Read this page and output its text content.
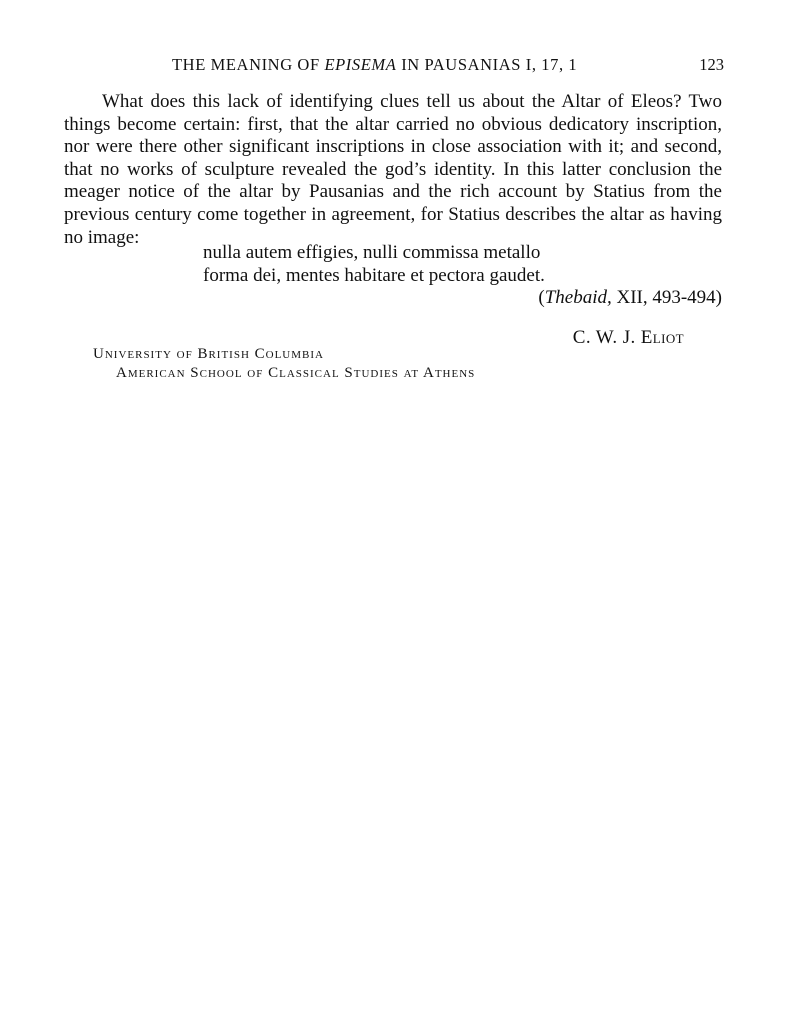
THE MEANING OF EPISEMA IN PAUSANIAS I, 17, 1	123

What does this lack of identifying clues tell us about the Altar of Eleos? Two things become certain: first, that the altar carried no obvious dedicatory inscription, nor were there other significant inscriptions in close association with it; and second, that no works of sculpture revealed the god’s identity. In this latter conclusion the meager notice of the altar by Pausanias and the rich account by Statius from the previous century come together in agreement, for Statius describes the altar as having no image:

nulla autem effigies, nulli commissa metallo
forma dei, mentes habitare et pectora gaudet.
(Thebaid, XII, 493-494)
C. W. J. Eliot
University of British Columbia
American School of Classical Studies at Athens
